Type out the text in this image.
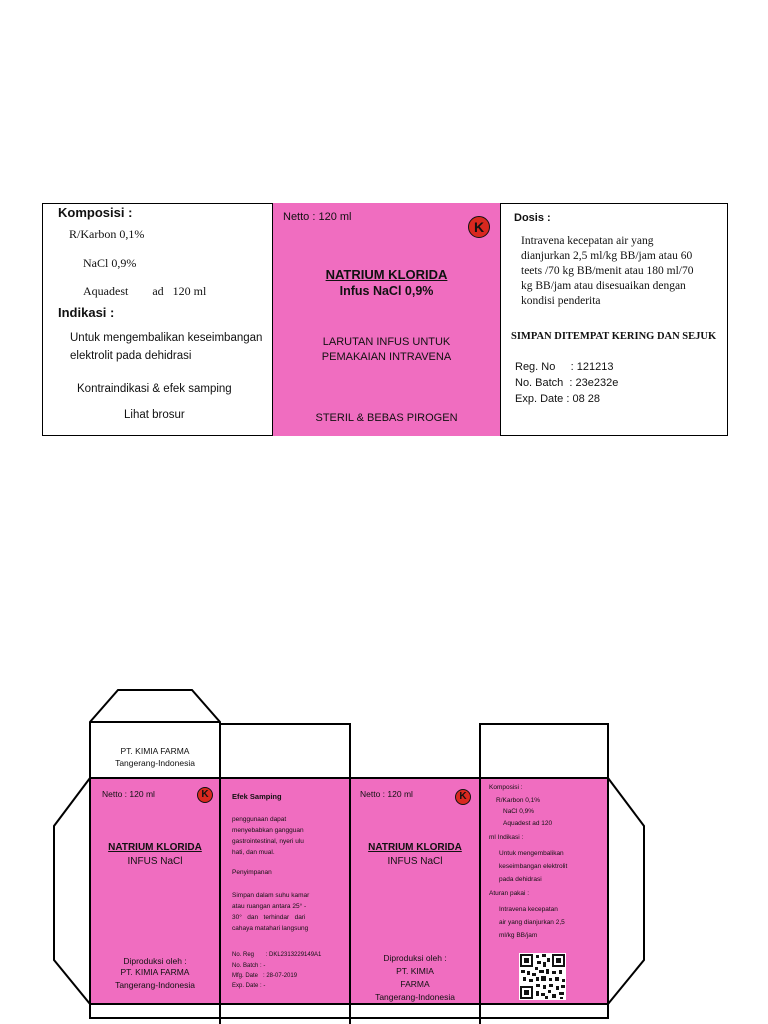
Komposisi :
R/Karbon 0,1%
NaCl 0,9%
Aquadest        ad   120 ml
Indikasi :
Untuk mengembalikan keseimbangan
elektrolit pada dehidrasi
Kontraindikasi & efek samping
Lihat brosur
Netto : 120 ml
K
NATRIUM KLORIDA
Infus NaCl 0,9%
LARUTAN INFUS UNTUK
PEMAKAIAN INTRAVENA
STERIL & BEBAS PIROGEN
Dosis :
Intravena kecepatan air yang
dianjurkan 2,5 ml/kg BB/jam atau 60
teets /70 kg BB/menit atau 180 ml/70
kg BB/jam atau disesuaikan dengan
kondisi penderita
SIMPAN DITEMPAT KERING DAN SEJUK
Reg. No     : 121213
No. Batch  : 23e232e
Exp. Date : 08 28
PT. KIMIA FARMA
Tangerang-Indonesia
Netto : 120 ml	K
NATRIUM KLORIDA
INFUS NaCl
Diproduksi oleh :
PT. KIMIA FARMA
Tangerang-Indonesia
Efek Samping
penggunaan dapat
menyebabkan gangguan
gastrointestinal, nyeri ulu
hati, dan mual.
Penyimpanan
Simpan dalam suhu kamar
atau ruangan antara 25° -
30°   dan   terhindar   dari
cahaya matahari langsung
No. Reg       : DKL2313229149A1
No. Batch : -
Mfg. Date   : 28-07-2019
Exp. Date : -
Netto : 120 ml	K
NATRIUM KLORIDA
INFUS NaCl
Diproduksi oleh :
PT. KIMIA
FARMA
Tangerang-Indonesia
Komposisi :
R/Karbon 0,1%
NaCl 0,9%
Aquadest ad 120
ml Indikasi :
Untuk mengembalikan
keseimbangan elektrolit
pada dehidrasi
Aturan pakai :
Intravena kecepatan
air yang dianjurkan 2,5
ml/kg BB/jam
